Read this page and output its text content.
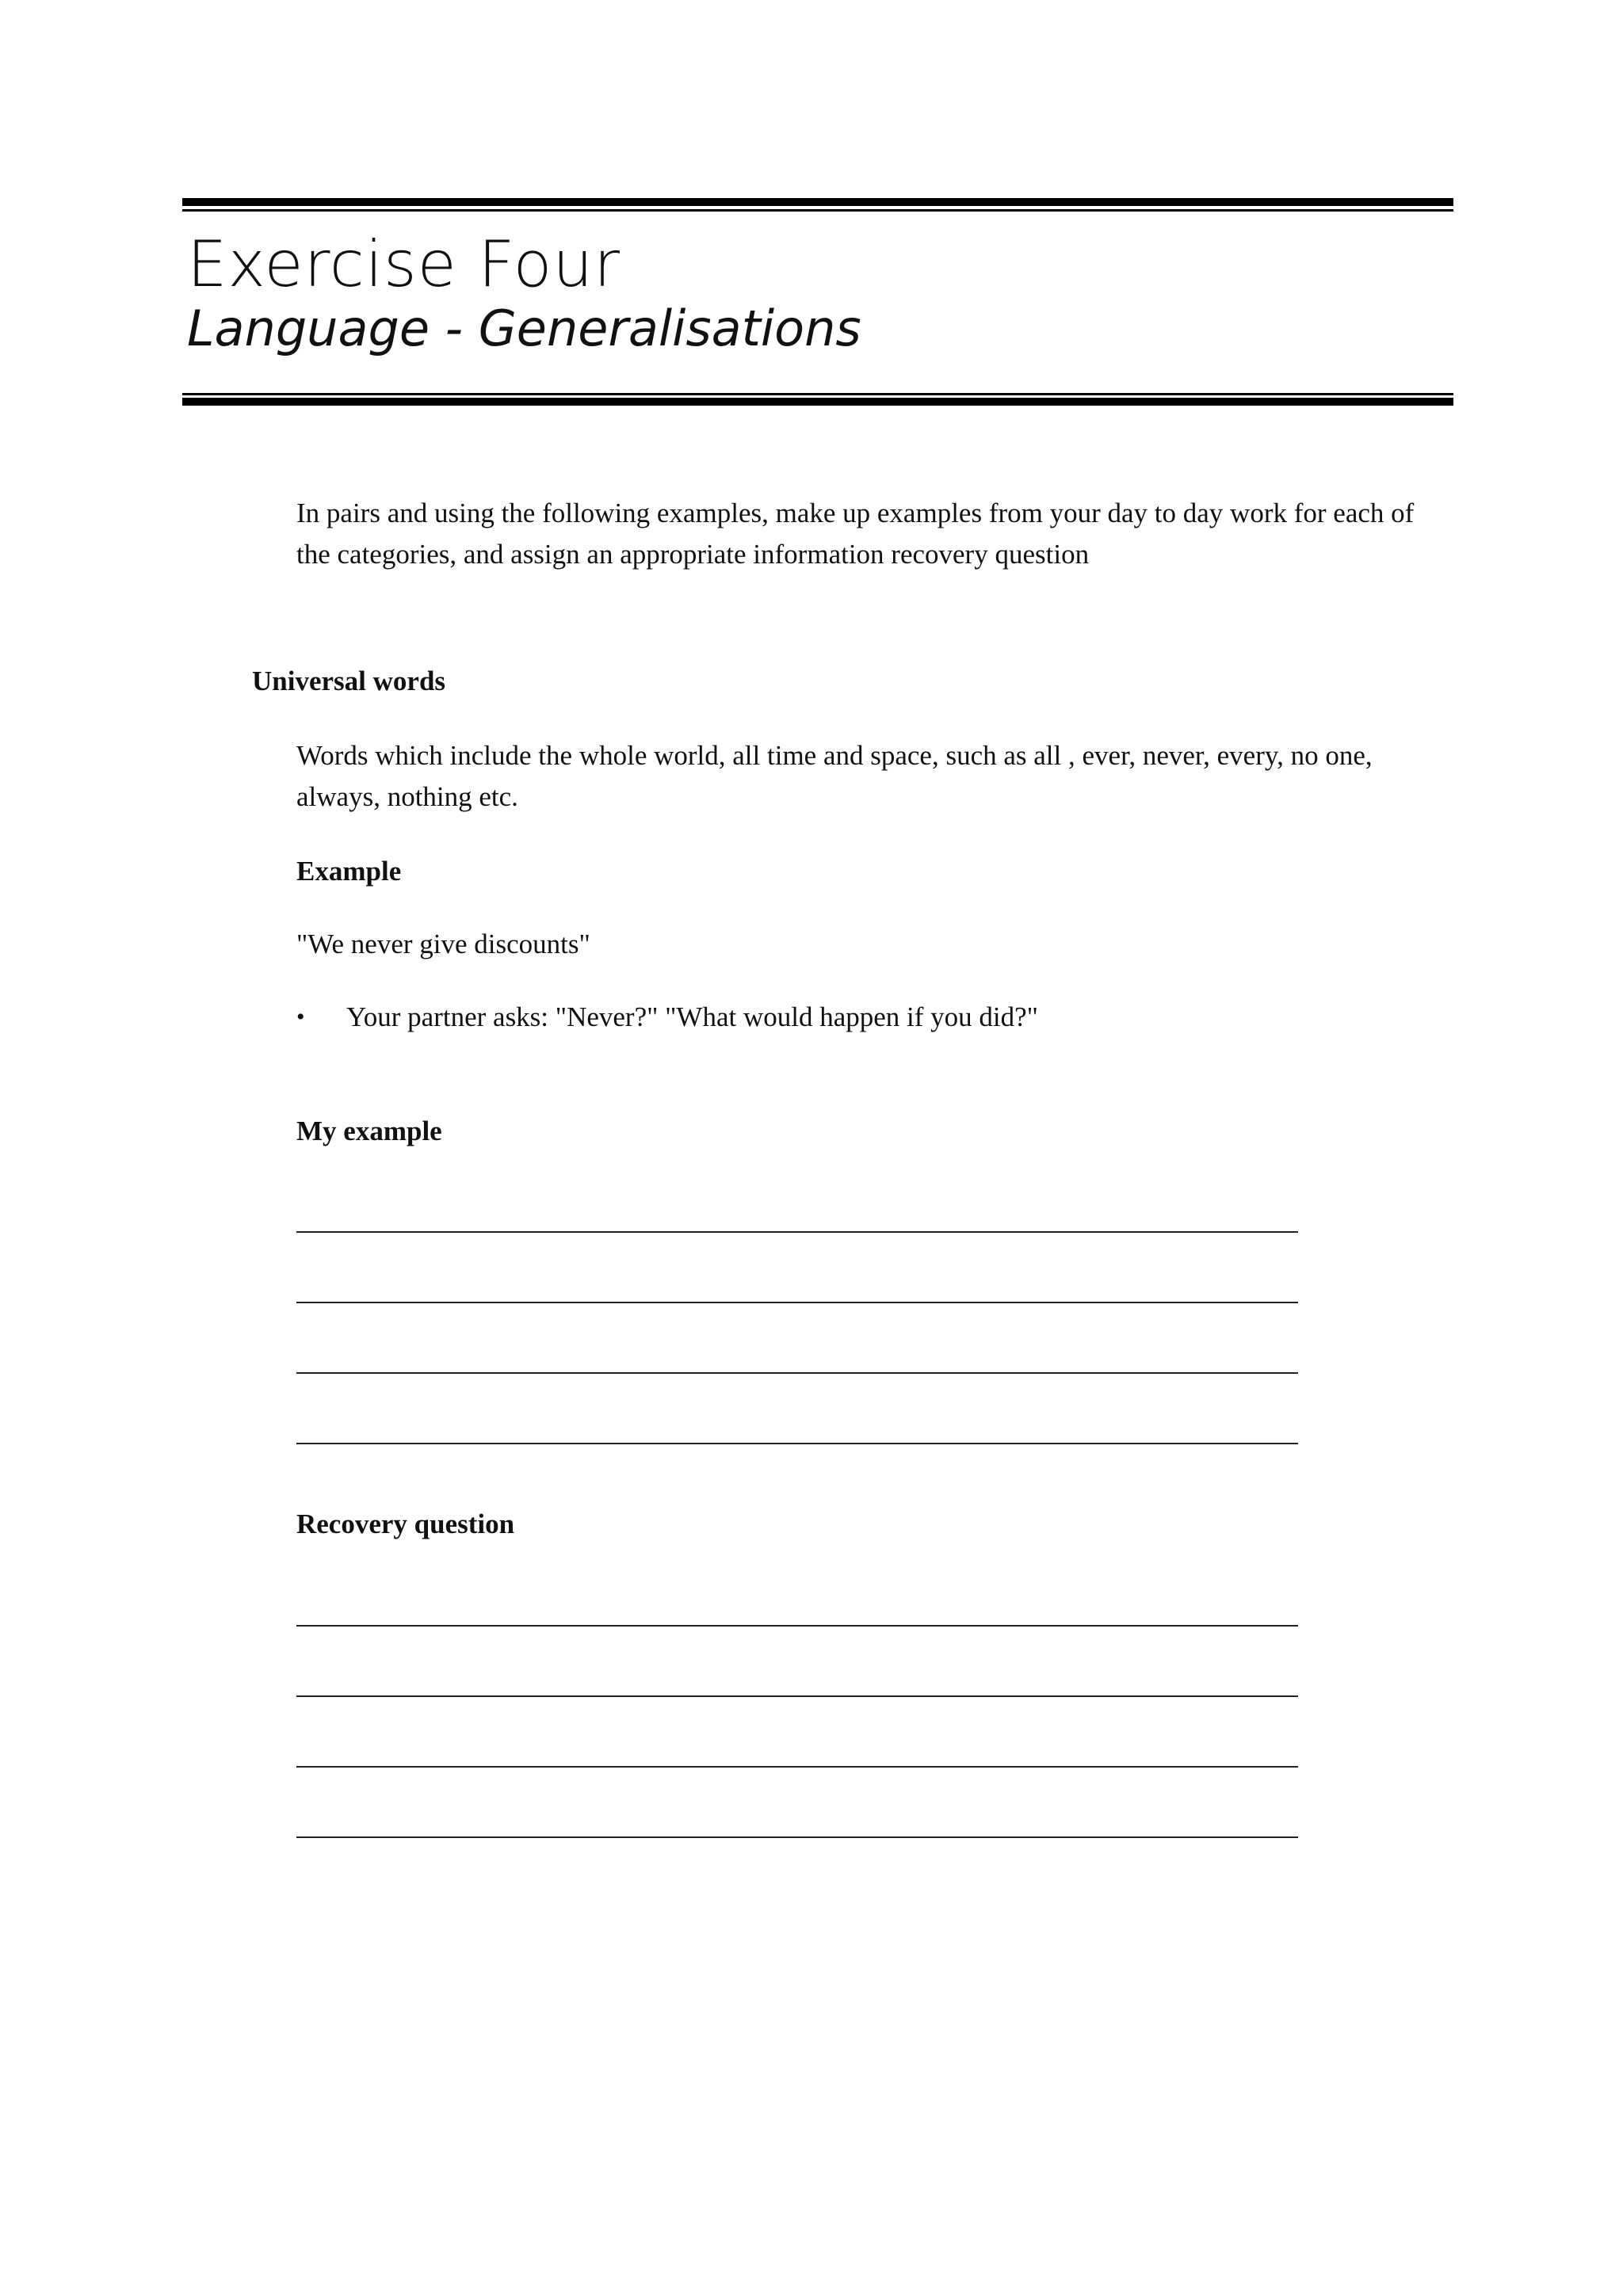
Exercise Four
Language - Generalisations
In pairs and using the following examples, make up examples from your day to day work for each of the categories, and assign an appropriate information recovery question
Universal words
Words which include the whole world, all time and space, such as all , ever, never, every, no one, always, nothing etc.
Example
"We never give discounts"
• Your partner asks: "Never?" "What would happen if you did?"
My example
Recovery question
